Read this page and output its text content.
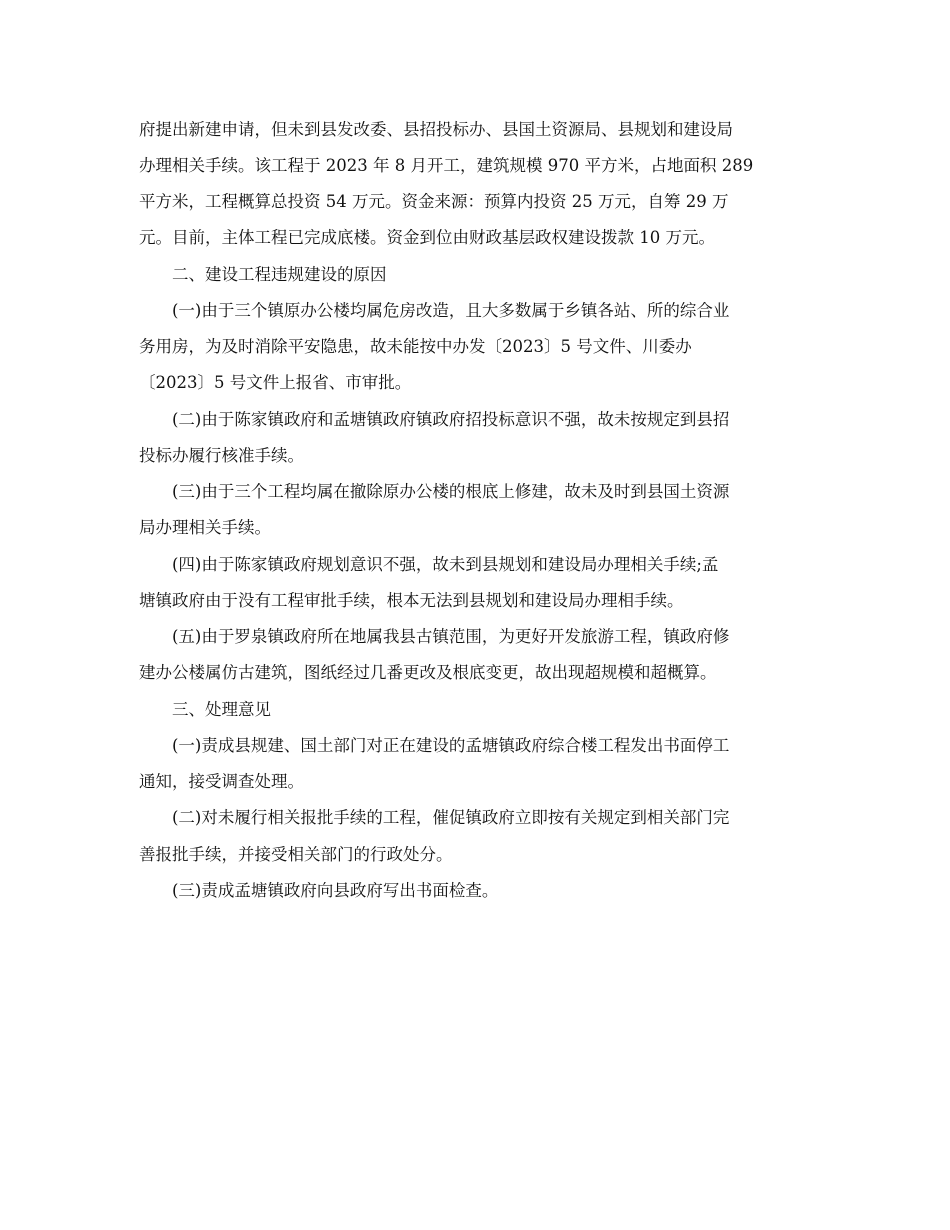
府提出新建申请，但未到县发改委、县招投标办、县国土资源局、县规划和建设局

办理相关手续。该工程于 2023 年 8 月开工，建筑规模 970 平方米，占地面积 289

平方米，工程概算总投资 54 万元。资金来源：预算内投资 25 万元，自筹 29 万

元。目前，主体工程已完成底楼。资金到位由财政基层政权建设拨款 10 万元。

二、建设工程违规建设的原因

(一)由于三个镇原办公楼均属危房改造，且大多数属于乡镇各站、所的综合业

务用房，为及时消除平安隐患，故未能按中办发〔2023〕5 号文件、川委办

〔2023〕5 号文件上报省、市审批。

(二)由于陈家镇政府和孟塘镇政府镇政府招投标意识不强，故未按规定到县招

投标办履行核准手续。

(三)由于三个工程均属在撤除原办公楼的根底上修建，故未及时到县国土资源

局办理相关手续。

(四)由于陈家镇政府规划意识不强，故未到县规划和建设局办理相关手续;孟

塘镇政府由于没有工程审批手续，根本无法到县规划和建设局办理相手续。

(五)由于罗泉镇政府所在地属我县古镇范围，为更好开发旅游工程，镇政府修

建办公楼属仿古建筑，图纸经过几番更改及根底变更，故出现超规模和超概算。

三、处理意见

(一)责成县规建、国土部门对正在建设的孟塘镇政府综合楼工程发出书面停工

通知，接受调查处理。

(二)对未履行相关报批手续的工程，催促镇政府立即按有关规定到相关部门完

善报批手续，并接受相关部门的行政处分。

(三)责成孟塘镇政府向县政府写出书面检查。
